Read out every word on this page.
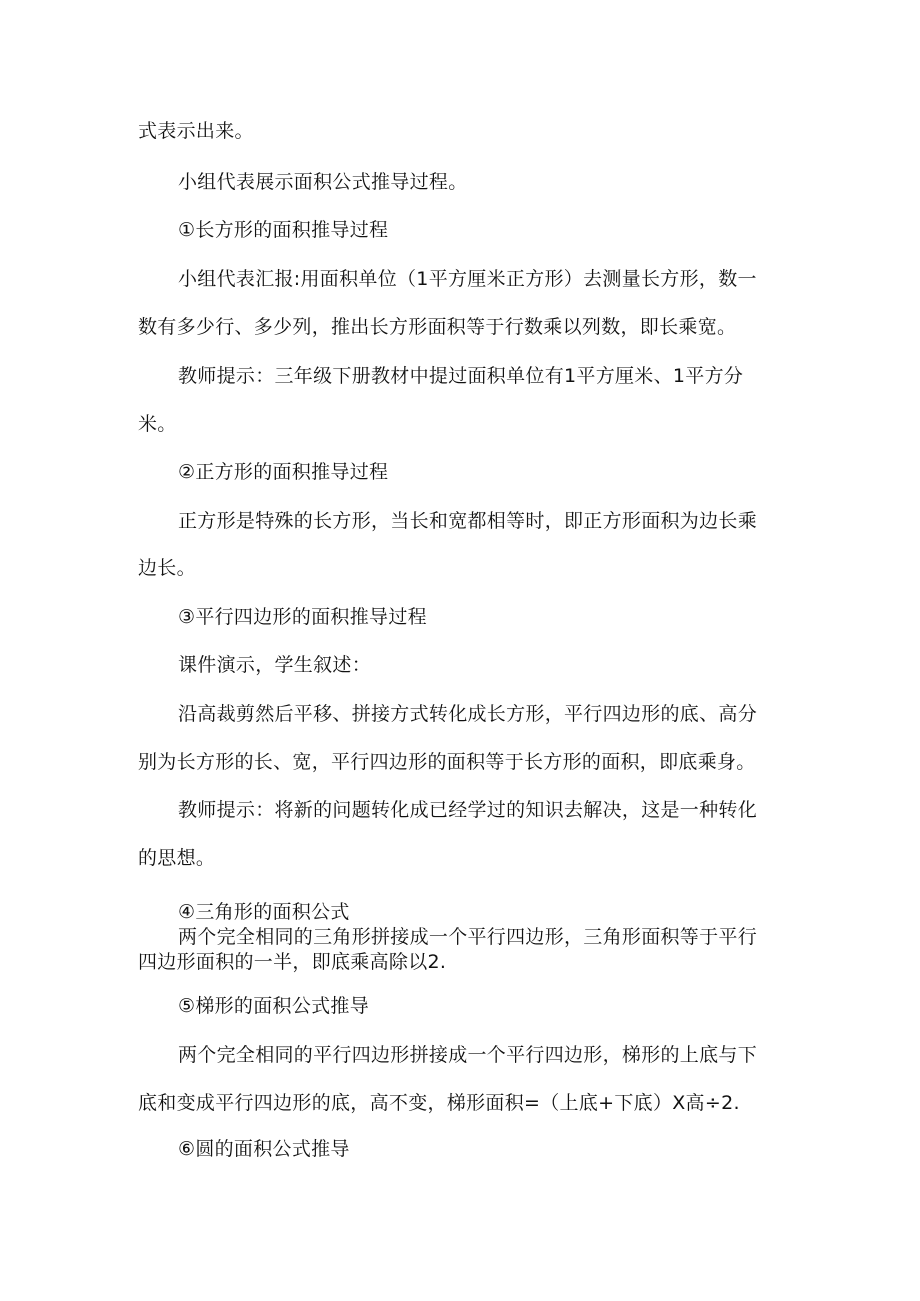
式表示出来。
小组代表展示面积公式推导过程。
①长方形的面积推导过程
小组代表汇报:用面积单位（1平方厘米正方形）去测量长方形，数一
数有多少行、多少列，推出长方形面积等于行数乘以列数，即长乘宽。
教师提示：三年级下册教材中提过面积单位有1平方厘米、1平方分
米。
②正方形的面积推导过程
正方形是特殊的长方形，当长和宽都相等时，即正方形面积为边长乘
边长。
③平行四边形的面积推导过程
课件演示，学生叙述：
沿高裁剪然后平移、拼接方式转化成长方形，平行四边形的底、高分
别为长方形的长、宽，平行四边形的面积等于长方形的面积，即底乘身。
教师提示：将新的问题转化成已经学过的知识去解决，这是一种转化
的思想。
④三角形的面积公式
两个完全相同的三角形拼接成一个平行四边形，三角形面积等于平行
四边形面积的一半，即底乘高除以2.
⑤梯形的面积公式推导
两个完全相同的平行四边形拼接成一个平行四边形，梯形的上底与下
底和变成平行四边形的底，高不变，梯形面积=（上底+下底）X高÷2.
⑥圆的面积公式推导
